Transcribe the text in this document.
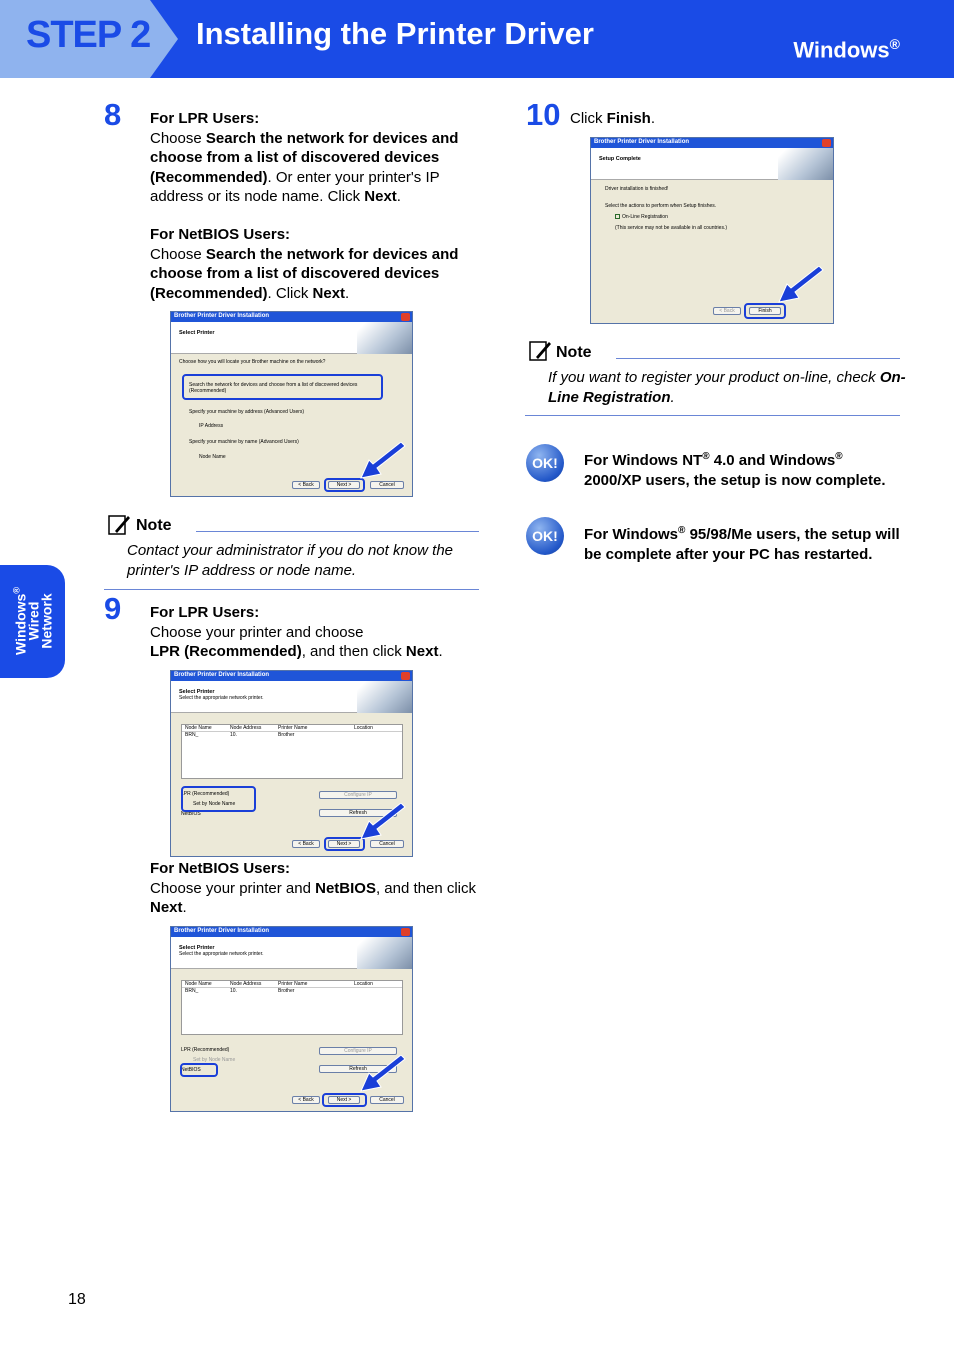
STEP 2 Installing the Printer Driver	Windows®
Windows®
Wired
Network
8 For LPR Users:
Choose Search the network for devices and choose from a list of discovered devices (Recommended). Or enter your printer's IP address or its node name. Click Next.
For NetBIOS Users:
Choose Search the network for devices and choose from a list of discovered devices (Recommended). Click Next.
Brother Printer Driver Installation
Select Printer
Choose how you will locate your Brother machine on the network?
Search the network for devices and choose from a list of discovered devices (Recommended)
Specify your machine by address (Advanced Users)
IP Address
Specify your machine by name (Advanced Users)
Node Name
< Back	Next >	Cancel
Note
Contact your administrator if you do not know the printer's IP address or node name.
9 For LPR Users:
Choose your printer and choose
LPR (Recommended), and then click Next.
Brother Printer Driver Installation
Select Printer
Select the appropriate network printer.
Node Name	Node Address	Printer Name	Location
BRN_	10.	Brother
LPR (Recommended)
Set by Node Name
NetBIOS
Configure IP
Refresh
< Back	Next >	Cancel
For NetBIOS Users:
Choose your printer and NetBIOS, and then click Next.
Brother Printer Driver Installation
Select Printer
Select the appropriate network printer.
Node Name	Node Address	Printer Name	Location
BRN_	10.	Brother
LPR (Recommended)
Set by Node Name
NetBIOS
Configure IP
Refresh
< Back	Next >	Cancel
10 Click Finish.
Brother Printer Driver Installation
Setup Complete
Driver installation is finished!
Select the actions to perform when Setup finishes.
On-Line Registration
(This service may not be available in all countries.)
< Back	Finish
Note
If you want to register your product on-line, check On-Line Registration.
OK!	For Windows NT® 4.0 and Windows®
2000/XP users, the setup is now complete.
OK!	For Windows® 95/98/Me users, the setup will be complete after your PC has restarted.
18
